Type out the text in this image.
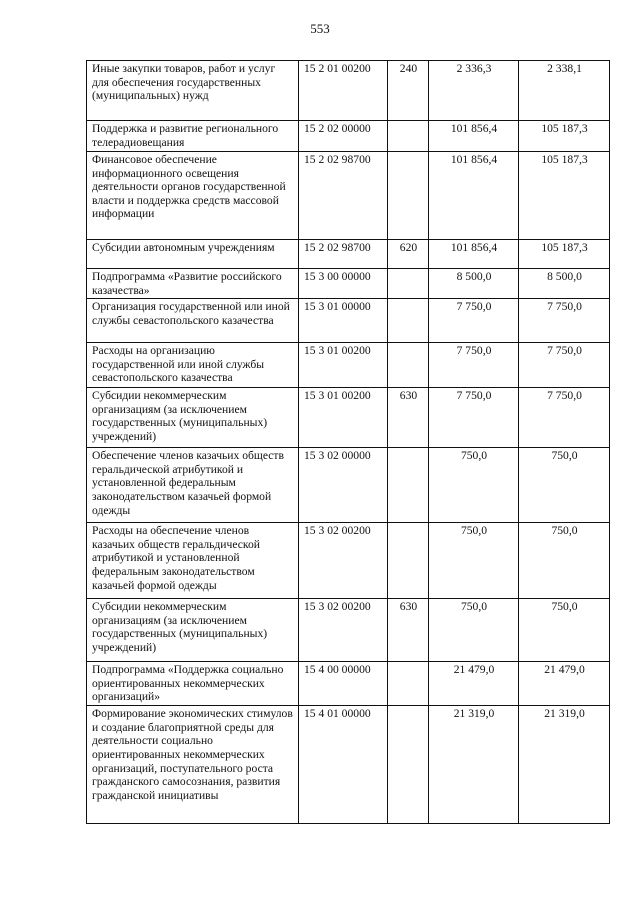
553
Иные закупки товаров, работ и услуг для обеспечения государственных (муниципальных) нужд	15 2 01 00200	240	2 336,3	2 338,1
Поддержка и развитие регионального телерадиовещания	15 2 02 00000		101 856,4	105 187,3
Финансовое обеспечение информационного освещения деятельности органов государственной власти и поддержка средств массовой информации	15 2 02 98700		101 856,4	105 187,3
Субсидии автономным учреждениям	15 2 02 98700	620	101 856,4	105 187,3
Подпрограмма «Развитие российского казачества»	15 3 00 00000		8 500,0	8 500,0
Организация государственной или иной службы севастопольского казачества	15 3 01 00000		7 750,0	7 750,0
Расходы на организацию государственной или иной службы севастопольского казачества	15 3 01 00200		7 750,0	7 750,0
Субсидии некоммерческим организациям (за исключением государственных (муниципальных) учреждений)	15 3 01 00200	630	7 750,0	7 750,0
Обеспечение членов казачьих обществ геральдической атрибутикой и установленной федеральным законодательством казачьей формой одежды	15 3 02 00000		750,0	750,0
Расходы на обеспечение членов казачьих обществ геральдической атрибутикой и установленной федеральным законодательством казачьей формой одежды	15 3 02 00200		750,0	750,0
Субсидии некоммерческим организациям (за исключением государственных (муниципальных) учреждений)	15 3 02 00200	630	750,0	750,0
Подпрограмма «Поддержка социально ориентированных некоммерческих организаций»	15 4 00 00000		21 479,0	21 479,0
Формирование экономических стимулов и создание благоприятной среды для деятельности социально ориентированных некоммерческих организаций, поступательного роста гражданского самосознания, развития гражданской инициативы	15 4 01 00000		21 319,0	21 319,0
